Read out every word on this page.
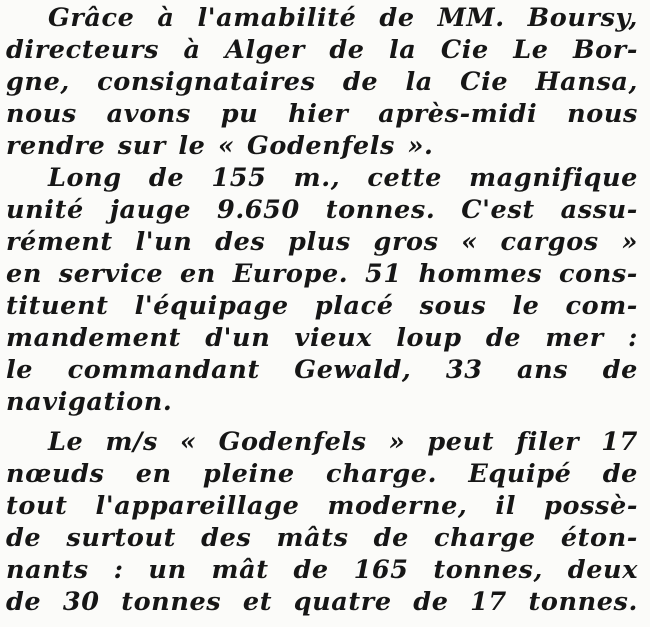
Grâce à l'amabilité de MM. Boursy,
directeurs à Alger de la Cie Le Bor-
gne, consignataires de la Cie Hansa,
nous avons pu hier après-midi nous
rendre sur le « Godenfels ».
Long de 155 m., cette magnifique
unité jauge 9.650 tonnes. C'est assu-
rément l'un des plus gros « cargos »
en service en Europe. 51 hommes cons-
tituent l'équipage placé sous le com-
mandement d'un vieux loup de mer :
le commandant Gewald, 33 ans de
navigation.
Le m/s « Godenfels » peut filer 17
nœuds en pleine charge. Equipé de
tout l'appareillage moderne, il possè-
de surtout des mâts de charge éton-
nants : un mât de 165 tonnes, deux
de 30 tonnes et quatre de 17 tonnes.
